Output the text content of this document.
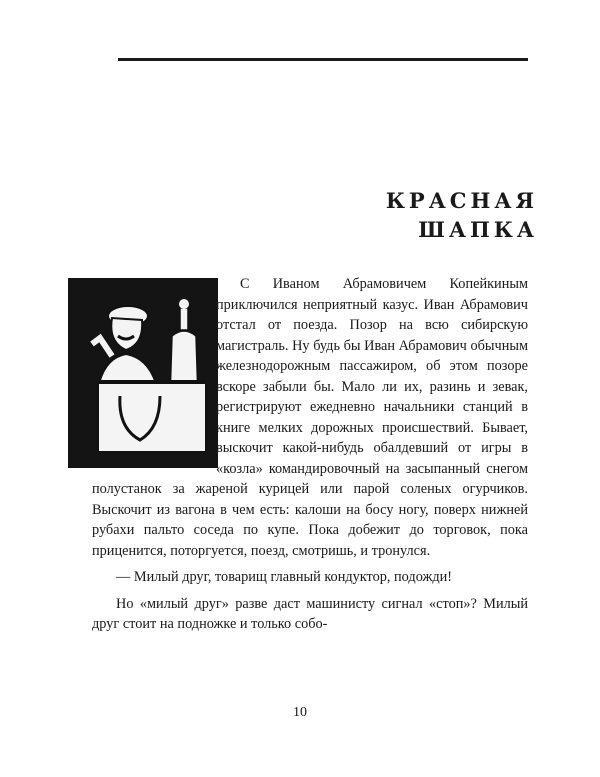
КРАСНАЯ
ШАПКА

С Иваном Абрамовичем Копейкиным приключился неприятный казус. Иван Абрамович отстал от поезда. Позор на всю сибирскую магистраль. Ну будь бы Иван Абрамович обычным железнодорожным пассажиром, об этом позоре вскоре забыли бы. Мало ли их, разинь и зевак, регистрируют ежедневно начальники станций в книге мелких дорожных происшествий. Бывает, выскочит какой-нибудь обалдевший от игры в «козла» командировочный на засыпанный снегом полустанок за жареной курицей или парой соленых огурчиков. Выскочит из вагона в чем есть: калоши на босу ногу, поверх нижней рубахи пальто соседа по купе. Пока добежит до торговок, пока приценится, поторгуется, поезд, смотришь, и тронулся.

— Милый друг, товарищ главный кондуктор, подожди!

Но «милый друг» разве даст машинисту сигнал «стоп»? Милый друг стоит на подножке и только собо-

10
